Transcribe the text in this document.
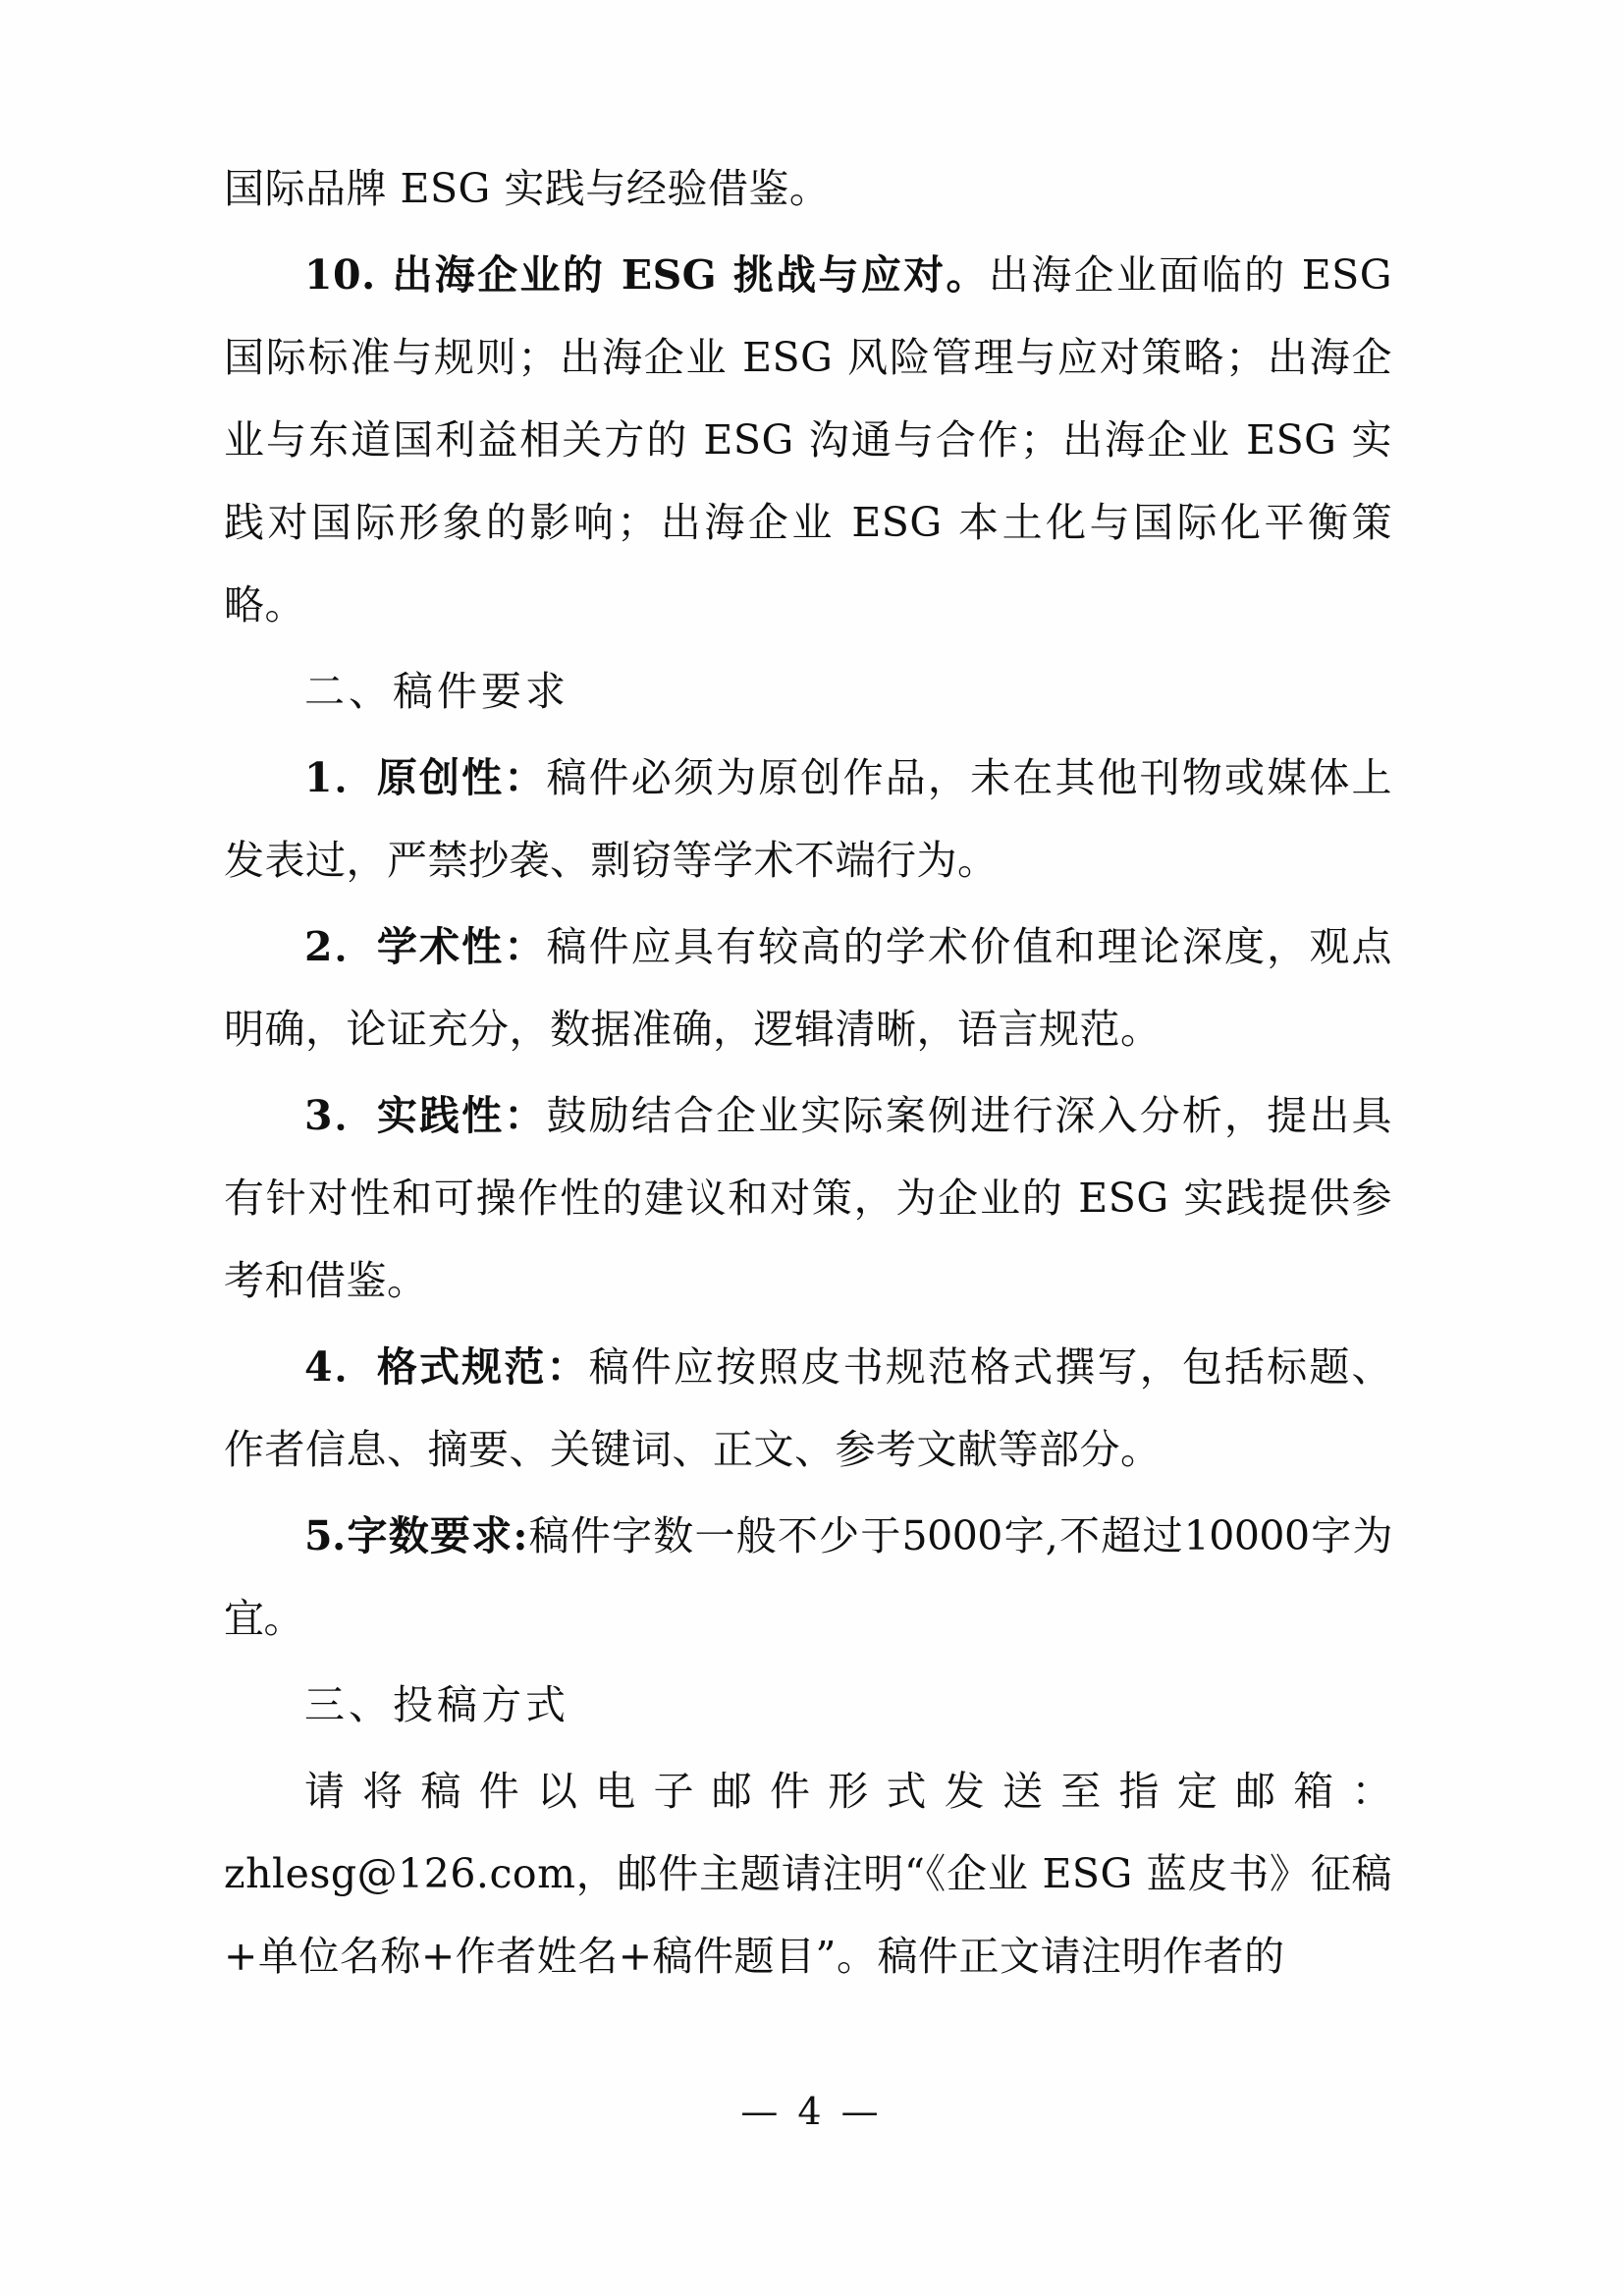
国际品牌 ESG 实践与经验借鉴。

10. 出海企业的 ESG 挑战与应对。出海企业面临的 ESG 国际标准与规则；出海企业 ESG 风险管理与应对策略；出海企业与东道国利益相关方的 ESG 沟通与合作；出海企业 ESG 实践对国际形象的影响；出海企业 ESG 本土化与国际化平衡策略。

二、稿件要求

1．原创性：稿件必须为原创作品，未在其他刊物或媒体上发表过，严禁抄袭、剽窃等学术不端行为。

2．学术性：稿件应具有较高的学术价值和理论深度，观点明确，论证充分，数据准确，逻辑清晰，语言规范。

3．实践性：鼓励结合企业实际案例进行深入分析，提出具有针对性和可操作性的建议和对策，为企业的 ESG 实践提供参考和借鉴。

4．格式规范：稿件应按照皮书规范格式撰写，包括标题、作者信息、摘要、关键词、正文、参考文献等部分。

5.字数要求:稿件字数一般不少于5000字,不超过10000字为宜。

三、投稿方式

请将稿件以电子邮件形式发送至指定邮箱：zhlesg@126.com，邮件主题请注明“《企业 ESG 蓝皮书》征稿+单位名称+作者姓名+稿件题目”。稿件正文请注明作者的

— 4 —
